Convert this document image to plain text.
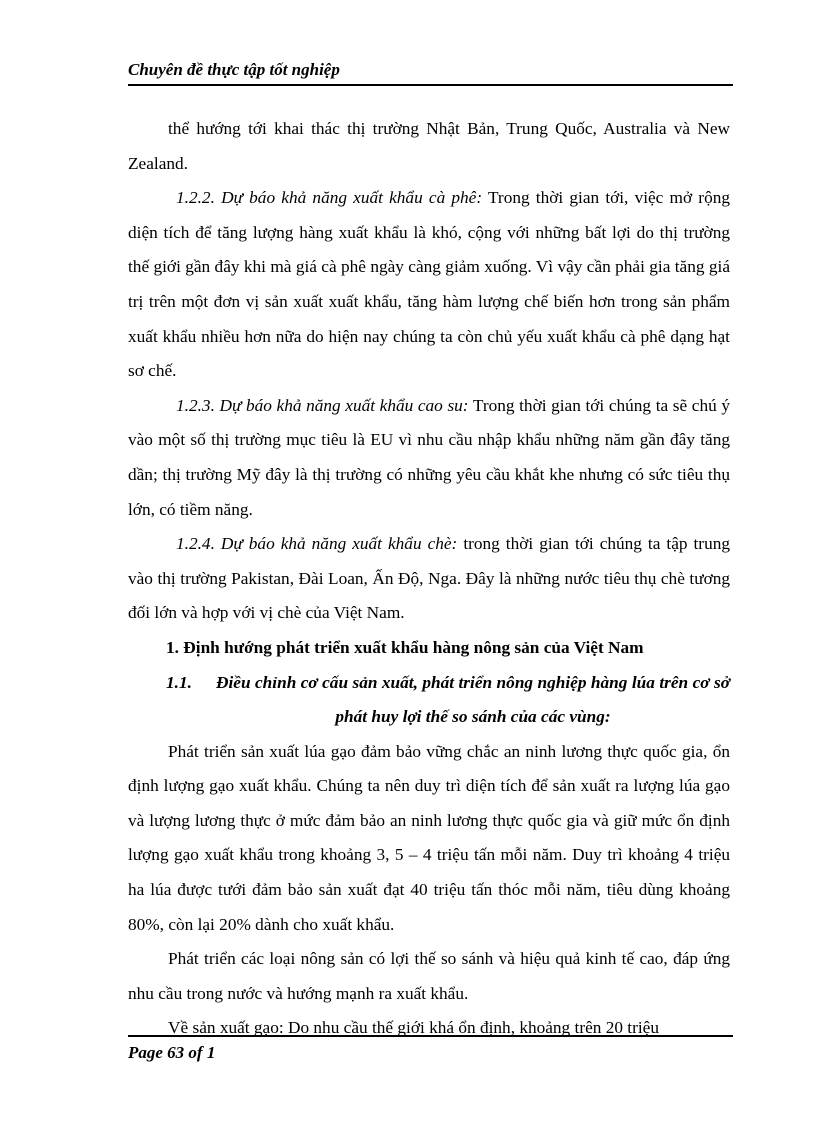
Chuyên đề thực tập tốt nghiệp

thể hướng tới khai thác thị trường Nhật Bản, Trung Quốc, Australia và New Zealand.

1.2.2. Dự báo khả năng xuất khẩu cà phê: Trong thời gian tới, việc mở rộng diện tích để tăng lượng hàng xuất khẩu là khó, cộng với những bất lợi do thị trường thế giới gần đây khi mà giá cà phê ngày càng giảm xuống. Vì vậy cần phải gia tăng giá trị trên một đơn vị sản xuất xuất khẩu, tăng hàm lượng chế biến hơn trong sản phẩm xuất khẩu nhiều hơn nữa do hiện nay chúng ta còn chủ yếu xuất khẩu cà phê dạng hạt sơ chế.

1.2.3. Dự báo khả năng xuất khẩu cao su: Trong thời gian tới chúng ta sẽ chú ý vào một số thị trường mục tiêu là EU vì nhu cầu nhập khẩu những năm gần đây tăng dần; thị trường Mỹ đây là thị trường có những yêu cầu khắt khe nhưng có sức tiêu thụ lớn, có tiềm năng.

1.2.4. Dự báo khả năng xuất khẩu chè: trong thời gian tới chúng ta tập trung vào thị trường Pakistan, Đài Loan, Ấn Độ, Nga. Đây là những nước tiêu thụ chè tương đối lớn và hợp với vị chè của Việt Nam.

1. Định hướng phát triển xuất khẩu hàng nông sản của Việt Nam

1.1.	Điều chỉnh cơ cấu sản xuất, phát triển nông nghiệp hàng lúa trên cơ sở phát huy lợi thế so sánh của các vùng:

Phát triển sản xuất lúa gạo đảm bảo vững chắc an ninh lương thực quốc gia, ổn định lượng gạo xuất khẩu. Chúng ta nên duy trì diện tích để sản xuất ra lượng lúa gạo và lượng lương thực ở mức đảm bảo an ninh lương thực quốc gia và giữ mức ổn định lượng gạo xuất khẩu trong khoảng 3, 5 – 4 triệu tấn mỗi năm. Duy trì khoảng 4 triệu ha lúa được tưới đảm bảo sản xuất đạt 40 triệu tấn thóc mỗi năm, tiêu dùng khoảng 80%, còn lại 20% dành cho xuất khẩu.

Phát triển các loại nông sản có lợi thế so sánh và hiệu quả kinh tế cao, đáp ứng nhu cầu trong nước và hướng mạnh ra xuất khẩu.

Về sản xuất gạo: Do nhu cầu thế giới khá ổn định, khoảng trên 20 triệu

Page 63 of 1
